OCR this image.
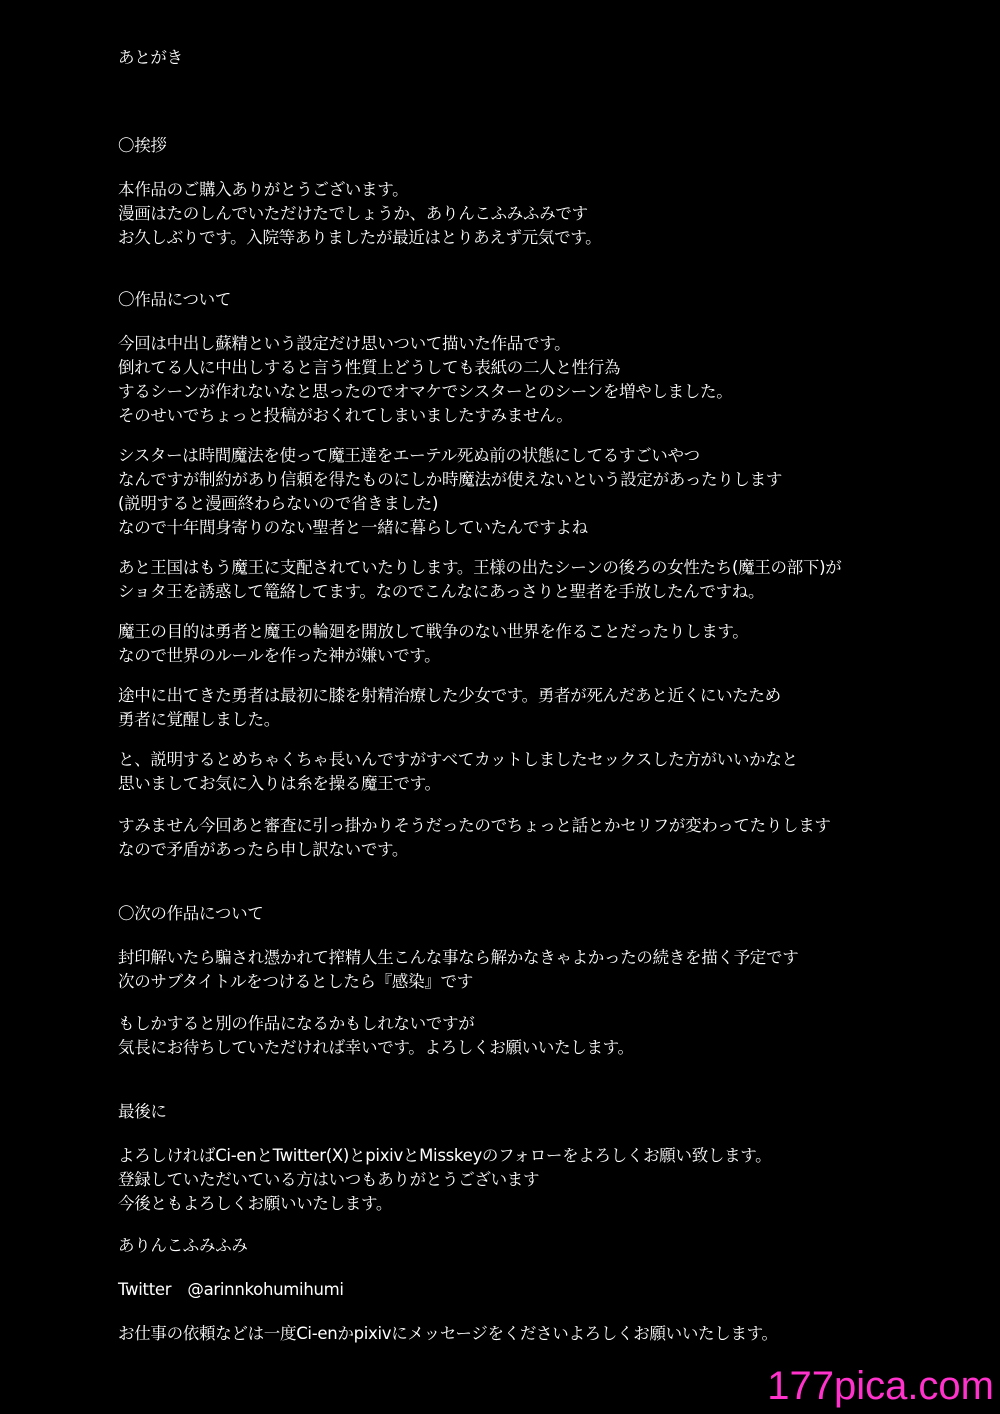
あとがき
〇挨拶
本作品のご購入ありがとうございます。
漫画はたのしんでいただけたでしょうか、ありんこふみふみです
お久しぶりです。入院等ありましたが最近はとりあえず元気です。
〇作品について
今回は中出し蘇精という設定だけ思いついて描いた作品です。
倒れてる人に中出しすると言う性質上どうしても表紙の二人と性行為
するシーンが作れないなと思ったのでオマケでシスターとのシーンを増やしました。
そのせいでちょっと投稿がおくれてしまいましたすみません。
シスターは時間魔法を使って魔王達をエーテル死ぬ前の状態にしてるすごいやつ
なんですが制約があり信頼を得たものにしか時魔法が使えないという設定があったりします
(説明すると漫画終わらないので省きました)
なので十年間身寄りのない聖者と一緒に暮らしていたんですよね
あと王国はもう魔王に支配されていたりします。王様の出たシーンの後ろの女性たち(魔王の部下)が
ショタ王を誘惑して篭絡してます。なのでこんなにあっさりと聖者を手放したんですね。
魔王の目的は勇者と魔王の輪廻を開放して戦争のない世界を作ることだったりします。
なので世界のルールを作った神が嫌いです。
途中に出てきた勇者は最初に膝を射精治療した少女です。勇者が死んだあと近くにいたため
勇者に覚醒しました。
と、説明するとめちゃくちゃ長いんですがすべてカットしましたセックスした方がいいかなと
思いましてお気に入りは糸を操る魔王です。
すみません今回あと審査に引っ掛かりそうだったのでちょっと話とかセリフが変わってたりします
なので矛盾があったら申し訳ないです。
〇次の作品について
封印解いたら騙され憑かれて搾精人生こんな事なら解かなきゃよかったの続きを描く予定です
次のサブタイトルをつけるとしたら『感染』です
もしかすると別の作品になるかもしれないですが
気長にお待ちしていただければ幸いです。よろしくお願いいたします。
最後に
よろしければCi-enとTwitter(X)とpixivとMisskeyのフォローをよろしくお願い致します。
登録していただいている方はいつもありがとうございます
今後ともよろしくお願いいたします。
ありんこふみふみ
Twitter　@arinnkohumihumi
お仕事の依頼などは一度Ci-enかpixivにメッセージをくださいよろしくお願いいたします。
177pica.com
